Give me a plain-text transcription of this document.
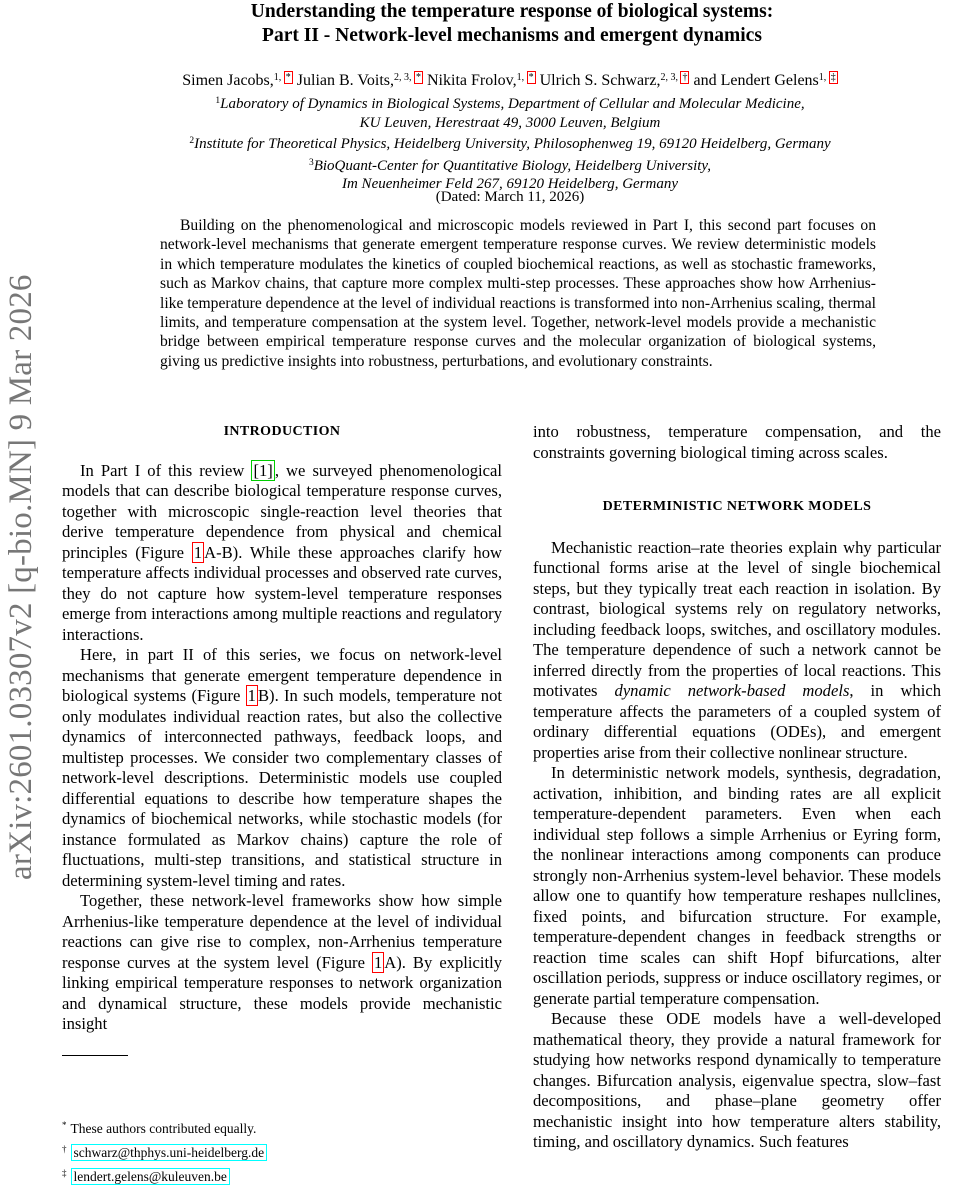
arXiv:2601.03307v2 [q-bio.MN] 9 Mar 2026
Understanding the temperature response of biological systems:
Part II - Network-level mechanisms and emergent dynamics
Simen Jacobs,$^{1, *}$ Julian B. Voits,$^{2, 3, *}$ Nikita Frolov,$^{1, *}$ Ulrich S. Schwarz,$^{2, 3, \dagger}$ and Lendert Gelens$^{1, \ddagger}$
$^1$Laboratory of Dynamics in Biological Systems, Department of Cellular and Molecular Medicine,
KU Leuven, Herestraat 49, 3000 Leuven, Belgium
$^2$Institute for Theoretical Physics, Heidelberg University, Philosophenweg 19, 69120 Heidelberg, Germany
$^3$BioQuant-Center for Quantitative Biology, Heidelberg University,
Im Neuenheimer Feld 267, 69120 Heidelberg, Germany
(Dated: March 11, 2026)
Building on the phenomenological and microscopic models reviewed in Part I, this second part focuses on network-level mechanisms that generate emergent temperature response curves. We review deterministic models in which temperature modulates the kinetics of coupled biochemical reactions, as well as stochastic frameworks, such as Markov chains, that capture more complex multi-step processes. These approaches show how Arrhenius-like temperature dependence at the level of individual reactions is transformed into non-Arrhenius scaling, thermal limits, and temperature compensation at the system level. Together, network-level models provide a mechanistic bridge between empirical temperature response curves and the molecular organization of biological systems, giving us predictive insights into robustness, perturbations, and evolutionary constraints.
INTRODUCTION

In Part I of this review [1] , we surveyed phenomenological models that can describe biological temperature response curves, together with microscopic single-reaction level theories that derive temperature dependence from physical and chemical principles (Figure 1 A-B). While these approaches clarify how temperature affects individual processes and observed rate curves, they do not capture how system-level temperature responses emerge from interactions among multiple reactions and regulatory interactions.

Here, in part II of this series, we focus on network-level mechanisms that generate emergent temperature dependence in biological systems (Figure 1 B). In such models, temperature not only modulates individual reaction rates, but also the collective dynamics of interconnected pathways, feedback loops, and multistep processes. We consider two complementary classes of network-level descriptions. Deterministic models use coupled differential equations to describe how temperature shapes the dynamics of biochemical networks, while stochastic models (for instance formulated as Markov chains) capture the role of fluctuations, multi-step transitions, and statistical structure in determining system-level timing and rates.

Together, these network-level frameworks show how simple Arrhenius-like temperature dependence at the level of individual reactions can give rise to complex, non-Arrhenius temperature response curves at the system level (Figure 1 A). By explicitly linking empirical temperature responses to network organization and dynamical structure, these models provide mechanistic insight

into robustness, temperature compensation, and the constraints governing biological timing across scales.

DETERMINISTIC NETWORK MODELS

Mechanistic reaction–rate theories explain why particular functional forms arise at the level of single biochemical steps, but they typically treat each reaction in isolation. By contrast, biological systems rely on regulatory networks, including feedback loops, switches, and oscillatory modules. The temperature dependence of such a network cannot be inferred directly from the properties of local reactions. This motivates dynamic network-based models, in which temperature affects the parameters of a coupled system of ordinary differential equations (ODEs), and emergent properties arise from their collective nonlinear structure.

In deterministic network models, synthesis, degradation, activation, inhibition, and binding rates are all explicit temperature-dependent parameters. Even when each individual step follows a simple Arrhenius or Eyring form, the nonlinear interactions among components can produce strongly non-Arrhenius system-level behavior. These models allow one to quantify how temperature reshapes nullclines, fixed points, and bifurcation structure. For example, temperature-dependent changes in feedback strengths or reaction time scales can shift Hopf bifurcations, alter oscillation periods, suppress or induce oscillatory regimes, or generate partial temperature compensation.

Because these ODE models have a well-developed mathematical theory, they provide a natural framework for studying how networks respond dynamically to temperature changes. Bifurcation analysis, eigenvalue spectra, slow–fast decompositions, and phase–plane geometry offer mechanistic insight into how temperature alters stability, timing, and oscillatory dynamics. Such features

* These authors contributed equally.
† schwarz@thphys.uni-heidelberg.de
‡ lendert.gelens@kuleuven.be
